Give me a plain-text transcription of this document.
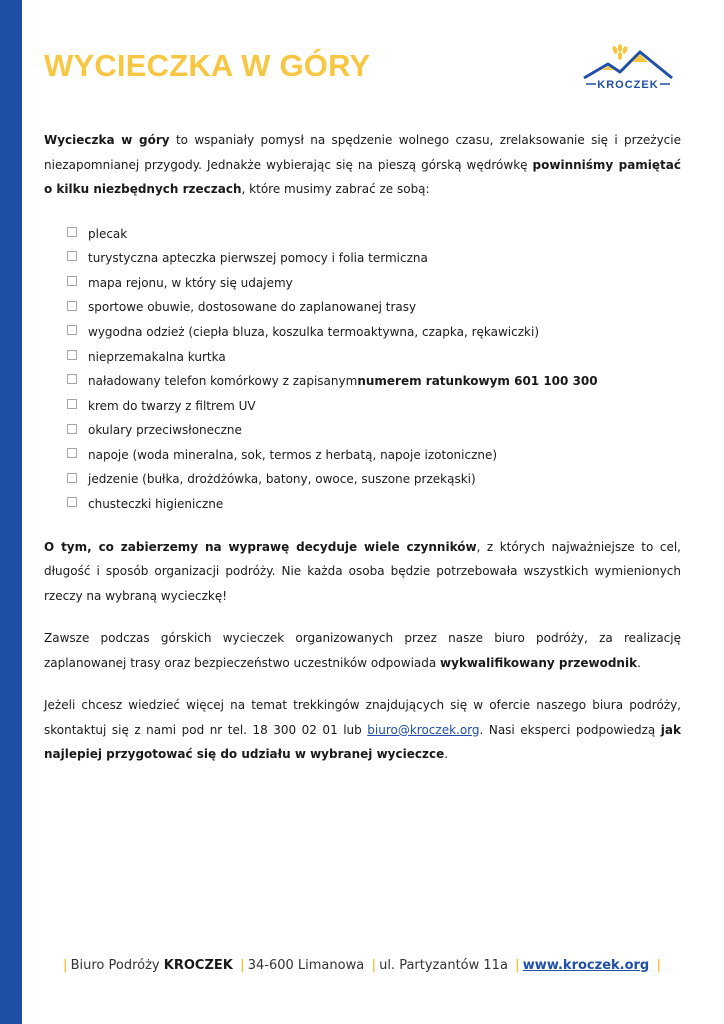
WYCIECZKA W GÓRY
KROCZEK

Wycieczka w góry to wspaniały pomysł na spędzenie wolnego czasu, zrelaksowanie się i przeżycie niezapomnianej przygody. Jednakże wybierając się na pieszą górską wędrówkę powinniśmy pamiętać o kilku niezbędnych rzeczach, które musimy zabrać ze sobą:

plecak
turystyczna apteczka pierwszej pomocy i folia termiczna
mapa rejonu, w który się udajemy
sportowe obuwie, dostosowane do zaplanowanej trasy
wygodna odzież (ciepła bluza, koszulka termoaktywna, czapka, rękawiczki)
nieprzemakalna kurtka
naładowany telefon komórkowy z zapisanym numerem ratunkowym 601 100 300
krem do twarzy z filtrem UV
okulary przeciwsłoneczne
napoje (woda mineralna, sok, termos z herbatą, napoje izotoniczne)
jedzenie (bułka, drożdżówka, batony, owoce, suszone przekąski)
chusteczki higieniczne

O tym, co zabierzemy na wyprawę decyduje wiele czynników, z których najważniejsze to cel, długość i sposób organizacji podróży. Nie każda osoba będzie potrzebowała wszystkich wymienionych rzeczy na wybraną wycieczkę!

Zawsze podczas górskich wycieczek organizowanych przez nasze biuro podróży, za realizację zaplanowanej trasy oraz bezpieczeństwo uczestników odpowiada wykwalifikowany przewodnik.

Jeżeli chcesz wiedzieć więcej na temat trekkingów znajdujących się w ofercie naszego biura podróży, skontaktuj się z nami pod nr tel. 18 300 02 01 lub biuro@kroczek.org. Nasi eksperci podpowiedzą jak najlepiej przygotować się do udziału w wybranej wycieczce.

| Biuro Podróży KROCZEK | 34-600 Limanowa | ul. Partyzantów 11a | www.kroczek.org |
